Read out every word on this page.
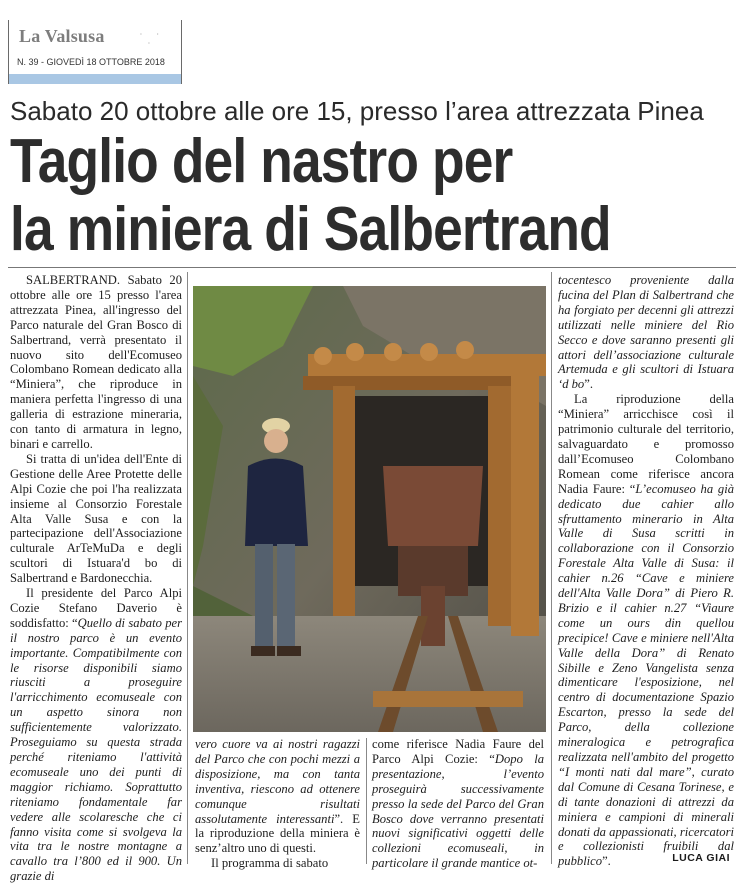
La Valsusa	· ·
·
N. 39 - GIOVEDÌ 18 OTTOBRE 2018
Sabato 20 ottobre alle ore 15, presso l’area attrezzata Pinea
Taglio del nastro per
la miniera di Salbertrand

SALBERTRAND. Sabato 20 ottobre alle ore 15 presso l'area attrezzata Pinea, all'ingresso del Parco naturale del Gran Bosco di Salbertrand, verrà presentato il nuovo sito dell'Ecomuseo Colombano Romean dedicato alla “Miniera”, che riproduce in maniera perfetta l'ingresso di una galleria di estrazione mineraria, con tanto di armatura in legno, binari e carrello.

Si tratta di un'idea dell'Ente di Gestione delle Aree Protette delle Alpi Cozie che poi l'ha realizzata insieme al Consorzio Forestale Alta Valle Susa e con la partecipazione dell'Associazione culturale ArTeMuDa e degli scultori di Istuara'd bo di Salbertrand e Bardonecchia.

Il presidente del Parco Alpi Cozie Stefano Daverio è soddisfatto: “Quello di sabato per il nostro parco è un evento importante. Compatibilmente con le risorse disponibili siamo riusciti a proseguire l'arricchimento ecomuseale con un aspetto sinora non sufficientemente valorizzato. Proseguiamo su questa strada perché riteniamo l'attività ecomuseale uno dei punti di maggior richiamo. Soprattutto riteniamo fondamentale far vedere alle scolaresche che ci fanno visita come si svolgeva la vita tra le nostre montagne a cavallo tra l’800 ed il 900. Un grazie di

vero cuore va ai nostri ragazzi del Parco che con pochi mezzi a disposizione, ma con tanta inventiva, riescono ad ottenere comunque risultati assolutamente interessanti”. E la riproduzione della miniera è senz’altro uno di questi.

Il programma di sabato

come riferisce Nadia Faure del Parco Alpi Cozie: “Dopo la presentazione, l’evento proseguirà successivamente presso la sede del Parco del Gran Bosco dove verranno presentati nuovi significativi oggetti delle collezioni ecomuseali, in particolare il grande mantice ot-

tocentesco proveniente dalla fucina del Plan di Salbertrand che ha forgiato per decenni gli attrezzi utilizzati nelle miniere del Rio Secco e dove saranno presenti gli attori dell’associazione culturale Artemuda e gli scultori di Istuara ‘d bo”.

La riproduzione della “Miniera” arricchisce così il patrimonio culturale del territorio, salvaguardato e promosso dall’Ecomuseo Colombano Romean come riferisce ancora Nadia Faure: “L’ecomuseo ha già dedicato due cahier allo sfruttamento minerario in Alta Valle di Susa scritti in collaborazione con il Consorzio Forestale Alta Valle di Susa: il cahier n.26 “Cave e miniere dell'Alta Valle Dora” di Piero R. Brizio e il cahier n.27 “Viaure come un ours din quellou precipice! Cave e miniere nell'Alta Valle della Dora” di Renato Sibille e Zeno Vangelista senza dimenticare l'esposizione, nel centro di documentazione Spazio Escarton, presso la sede del Parco, della collezione mineralogica e petrografica realizzata nell'ambito del progetto “I monti nati dal mare”, curato dal Comune di Cesana Torinese, e di tante donazioni di attrezzi da miniera e campioni di minerali donati da appassionati, ricercatori e collezionisti fruibili dal pubblico”.	LUCA GIAI
